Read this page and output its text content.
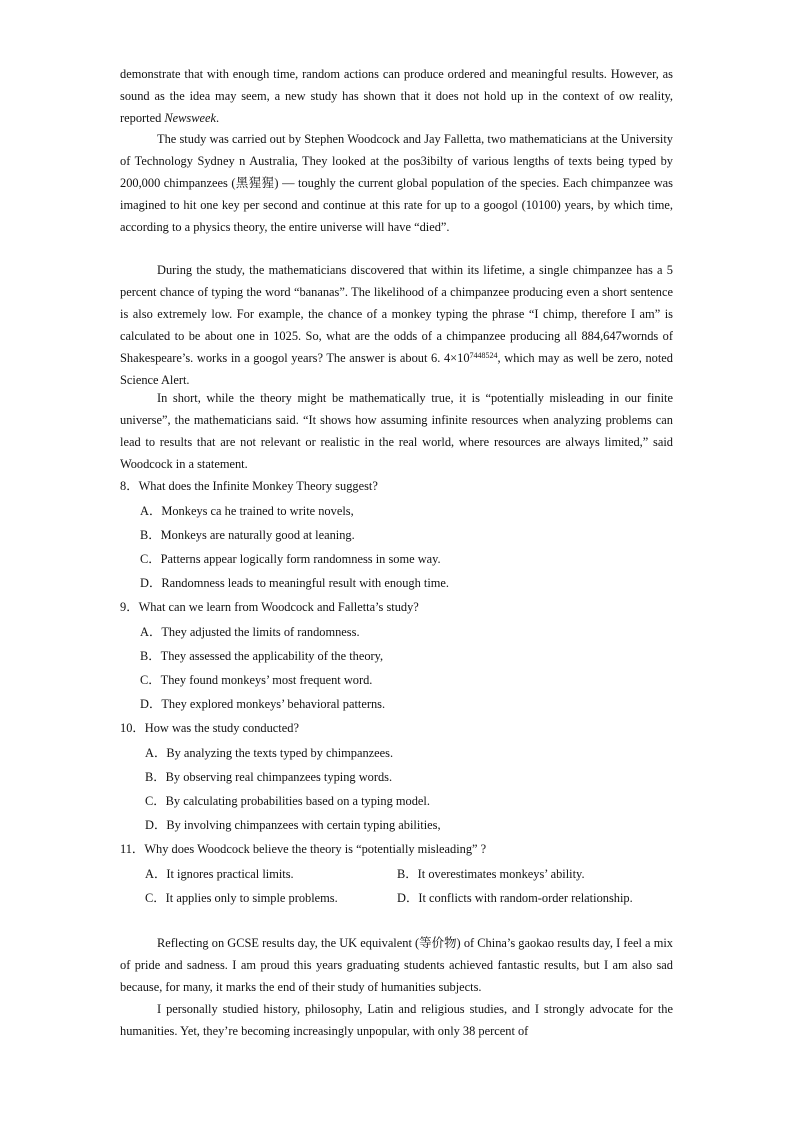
demonstrate that with enough time, random actions can produce ordered and meaningful results. However, as sound as the idea may seem, a new study has shown that it does not hold up in the context of ow reality, reported Newsweek.

The study was carried out by Stephen Woodcock and Jay Falletta, two mathematicians at the University of Technology Sydney n Australia, They looked at the pos3ibilty of various lengths of texts being typed by 200,000 chimpanzees (黑猩猩) — toughly the current global population of the species. Each chimpanzee was imagined to hit one key per second and continue at this rate for up to a googol (10100) years, by which time, according to a physics theory, the entire universe will have “died”.

During the study, the mathematicians discovered that within its lifetime, a single chimpanzee has a 5 percent chance of typing the word “bananas”. The likelihood of a chimpanzee producing even a short sentence is also extremely low. For example, the chance of a monkey typing the phrase “I chimp, therefore I am” is calculated to be about one in 1025. So, what are the odds of a chimpanzee producing all 884,647wornds of Shakespeare’s. works in a googol years? The answer is about 6. $4\times 10^{7448524}$, which may as well be zero, noted Science Alert.

In short, while the theory might be mathematically true, it is “potentially misleading in our finite universe”, the mathematicians said. “It shows how assuming infinite resources when analyzing problems can lead to results that are not relevant or realistic in the real world, where resources are always limited,” said Woodcock in a statement.

8．What does the Infinite Monkey Theory suggest?

A．Monkeys ca he trained to write novels,

B．Monkeys are naturally good at leaning.

C．Patterns appear logically form randomness in some way.

D．Randomness leads to meaningful result with enough time.

9．What can we learn from Woodcock and Falletta’s study?

A．They adjusted the limits of randomness.

B．They assessed the applicability of the theory,

C．They found monkeys’ most frequent word.

D．They explored monkeys’ behavioral patterns.

10．How was the study conducted?

A．By analyzing the texts typed by chimpanzees.

B．By observing real chimpanzees typing words.

C．By calculating probabilities based on a typing model.

D．By involving chimpanzees with certain typing abilities,

11．Why does Woodcock believe the theory is “potentially misleading” ?

A．It ignores practical limits.	B．It overestimates monkeys’ ability.

C．It applies only to simple problems.	D．It conflicts with random-order relationship.

Reflecting on GCSE results day, the UK equivalent (等价物) of China’s gaokao results day, I feel a mix of pride and sadness. I am proud this years graduating students achieved fantastic results, but I am also sad because, for many, it marks the end of their study of humanities subjects.

I personally studied history, philosophy, Latin and religious studies, and I strongly advocate for the humanities. Yet, they’re becoming increasingly unpopular, with only 38 percent of
